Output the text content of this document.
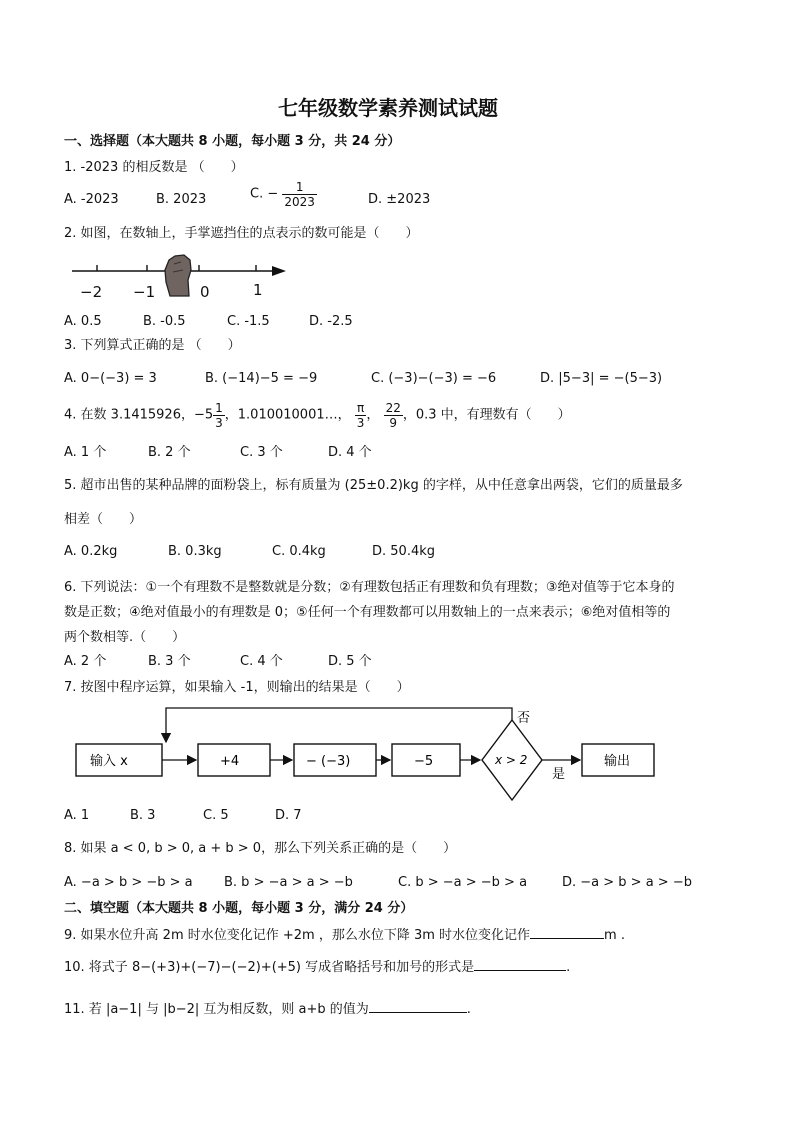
七年级数学素养测试试题
一、选择题（本大题共 8 小题，每小题 3 分，共 24 分）
1. -2023 的相反数是 （　　）
A. -2023	B. 2023	C. − $\frac{1}{2023}$	D. ±2023
2. 如图，在数轴上，手掌遮挡住的点表示的数可能是（　　）
−2 −1	0	1
A. 0.5	B. -0.5	C. -1.5	D. -2.5
3. 下列算式正确的是 （　　）
A. 0−(−3) = 3	B. (−14)−5 = −9	C. (−3)−(−3) = −6	D. |5−3| = −(5−3)
4. 在数 3.1415926，$-5 \frac{1}{3}$ ，1.010010001…， $\frac{\pi}{3}$ ， $\frac{22}{9}$ ，0.3 中，有理数有（　　）
A. 1 个	B. 2 个	C. 3 个	D. 4 个
5. 超市出售的某种品牌的面粉袋上，标有质量为 (25±0.2)kg 的字样，从中任意拿出两袋，它们的质量最多
相差（　　）
A. 0.2kg	B. 0.3kg	C. 0.4kg	D. 50.4kg
6. 下列说法：①一个有理数不是整数就是分数；②有理数包括正有理数和负有理数；③绝对值等于它本身的
数是正数；④绝对值最小的有理数是 0；⑤任何一个有理数都可以用数轴上的一点来表示；⑥绝对值相等的
两个数相等.（　　）
A. 2 个	B. 3 个	C. 4 个	D. 5 个
7. 按图中程序运算，如果输入 -1，则输出的结果是（　　）
输入 x	+4	− (−3)	−5	x > 2
否
是
输出
A. 1	B. 3	C. 5	D. 7
8. 如果 a < 0, b > 0, a + b > 0，那么下列关系正确的是（　　）
A. −a > b > −b > a B. b > −a > a > −b	C. b > −a > −b > a	D. −a > b > a > −b
二、填空题（本大题共 8 小题，每小题 3 分，满分 24 分）
9. 如果水位升高 2m 时水位变化记作 +2m ，那么水位下降 3m 时水位变化记作	m .
10. 将式子 8−(+3)+(−7)−(−2)+(+5) 写成省略括号和加号的形式是	.
11. 若 |a−1| 与 |b−2| 互为相反数，则 a+b 的值为	.
